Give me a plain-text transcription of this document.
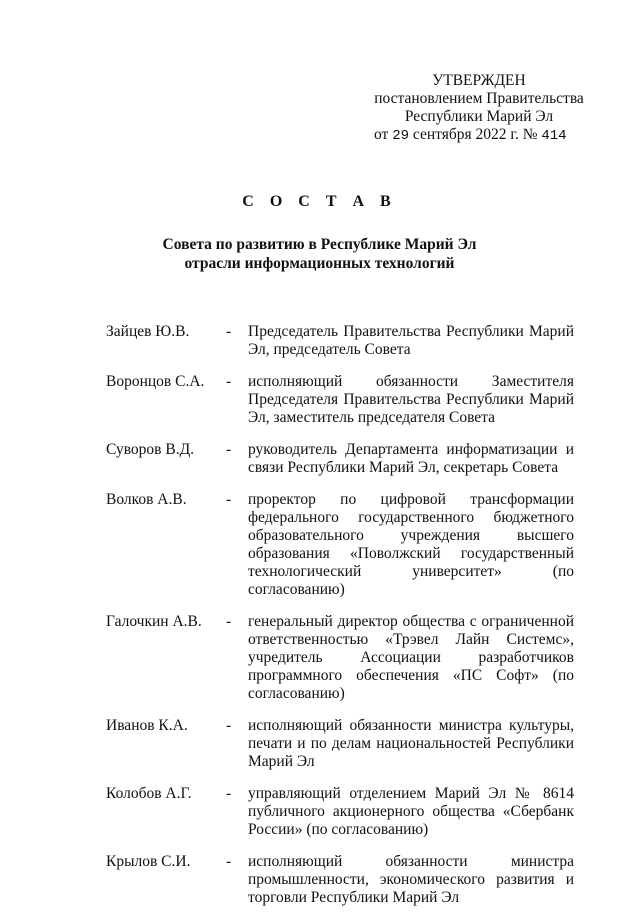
УТВЕРЖДЕН
постановлением Правительства
Республики Марий Эл
от 29 сентября 2022 г. № 414
С О С Т А В
Совета по развитию в Республике Марий Эл
отрасли информационных технологий
Зайцев Ю.В.	-	Председатель Правительства Республики Марий Эл, председатель Совета
Воронцов С.А.	-	исполняющий обязанности Заместителя Председателя Правительства Республики Марий Эл, заместитель председателя Совета
Суворов В.Д.	-	руководитель Департамента информатизации и связи Республики Марий Эл, секретарь Совета
Волков А.В.	-	проректор по цифровой трансформации федерального государственного бюджетного образовательного учреждения высшего образования «Поволжский государственный технологический университет» (по согласованию)
Галочкин А.В.	-	генеральный директор общества с ограниченной ответственностью «Трэвел Лайн Системс», учредитель Ассоциации разработчиков программного обеспечения «ПС Софт» (по согласованию)
Иванов К.А.	-	исполняющий обязанности министра культуры, печати и по делам национальностей Республики Марий Эл
Колобов А.Г.	-	управляющий отделением Марий Эл № 8614 публичного акционерного общества «Сбербанк России» (по согласованию)
Крылов С.И.	-	исполняющий обязанности министра промышленности, экономического развития и торговли Республики Марий Эл
